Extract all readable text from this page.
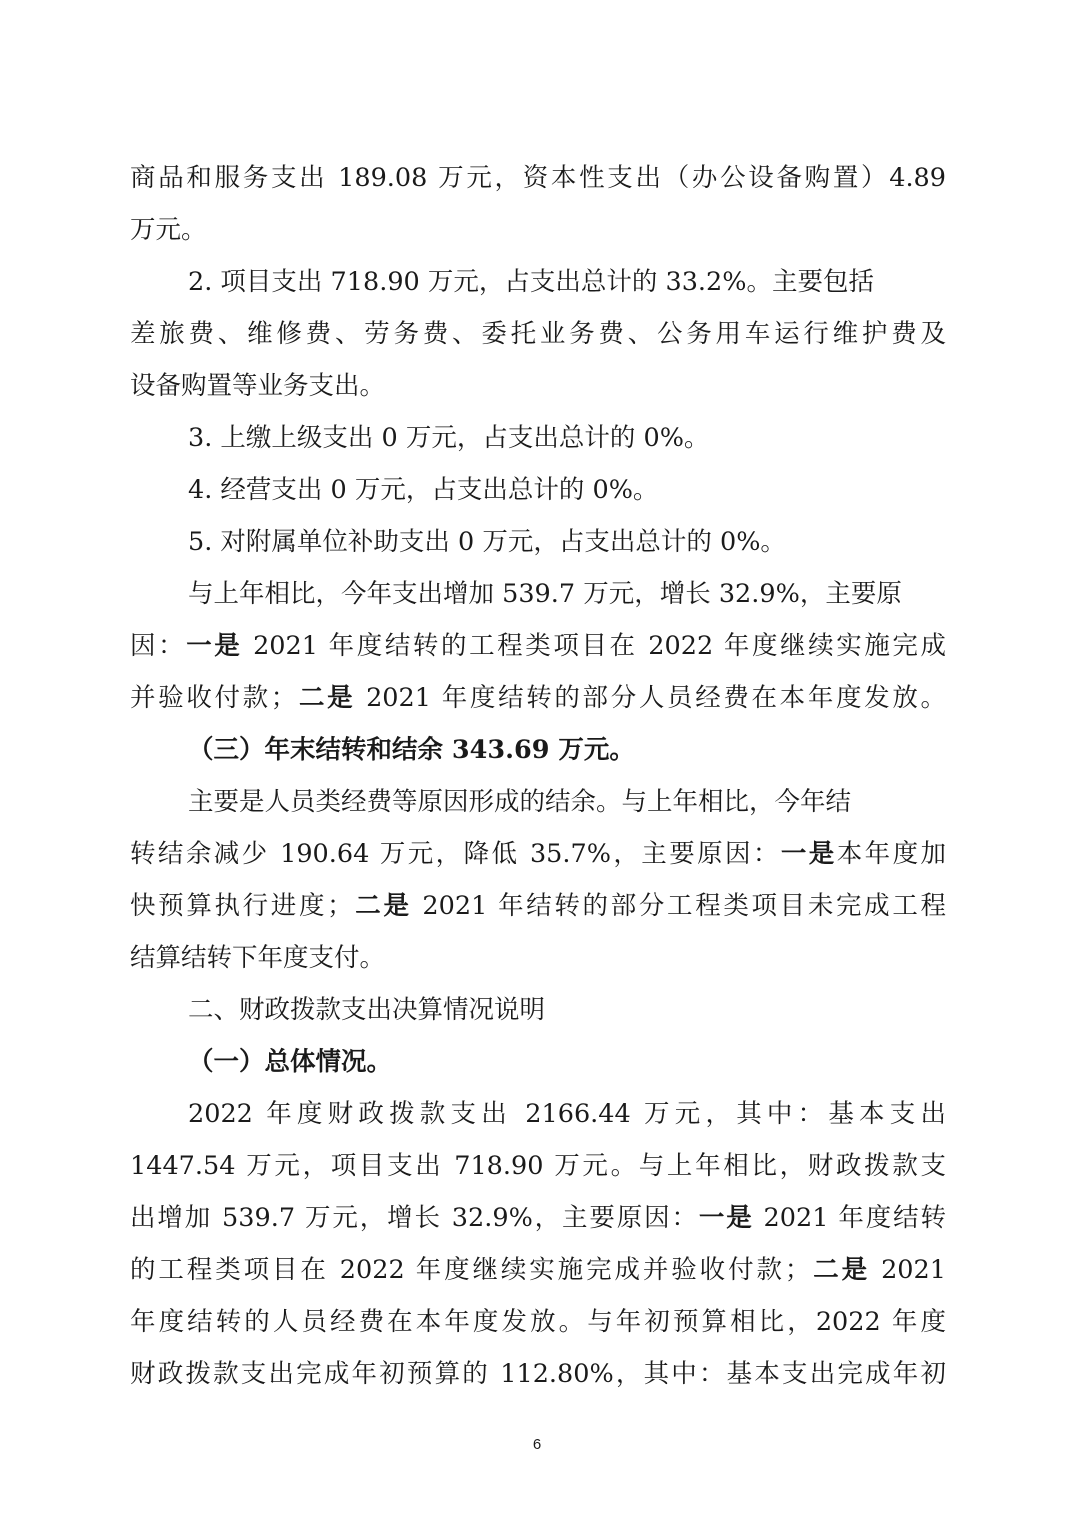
商品和服务支出 189.08 万元，资本性支出（办公设备购置）4.89
万元。
2. 项目支出 718.90 万元，占支出总计的 33.2%。主要包括
差旅费、维修费、劳务费、委托业务费、公务用车运行维护费及
设备购置等业务支出。
3. 上缴上级支出 0 万元，占支出总计的 0%。
4. 经营支出 0 万元，占支出总计的 0%。
5. 对附属单位补助支出 0 万元，占支出总计的 0%。
与上年相比，今年支出增加 539.7 万元，增长 32.9%，主要原
因：一是 2021 年度结转的工程类项目在 2022 年度继续实施完成
并验收付款；二是 2021 年度结转的部分人员经费在本年度发放。
（三）年末结转和结余 343.69 万元。
主要是人员类经费等原因形成的结余。与上年相比，今年结
转结余减少 190.64 万元，降低 35.7%，主要原因：一是本年度加
快预算执行进度；二是 2021 年结转的部分工程类项目未完成工程
结算结转下年度支付。
二、财政拨款支出决算情况说明
（一）总体情况。
2022 年度财政拨款支出 2166.44 万元，其中：基本支出
1447.54 万元，项目支出 718.90 万元。与上年相比，财政拨款支
出增加 539.7 万元，增长 32.9%，主要原因：一是 2021 年度结转
的工程类项目在 2022 年度继续实施完成并验收付款；二是 2021
年度结转的人员经费在本年度发放。与年初预算相比，2022 年度
财政拨款支出完成年初预算的 112.80%，其中：基本支出完成年初
6
